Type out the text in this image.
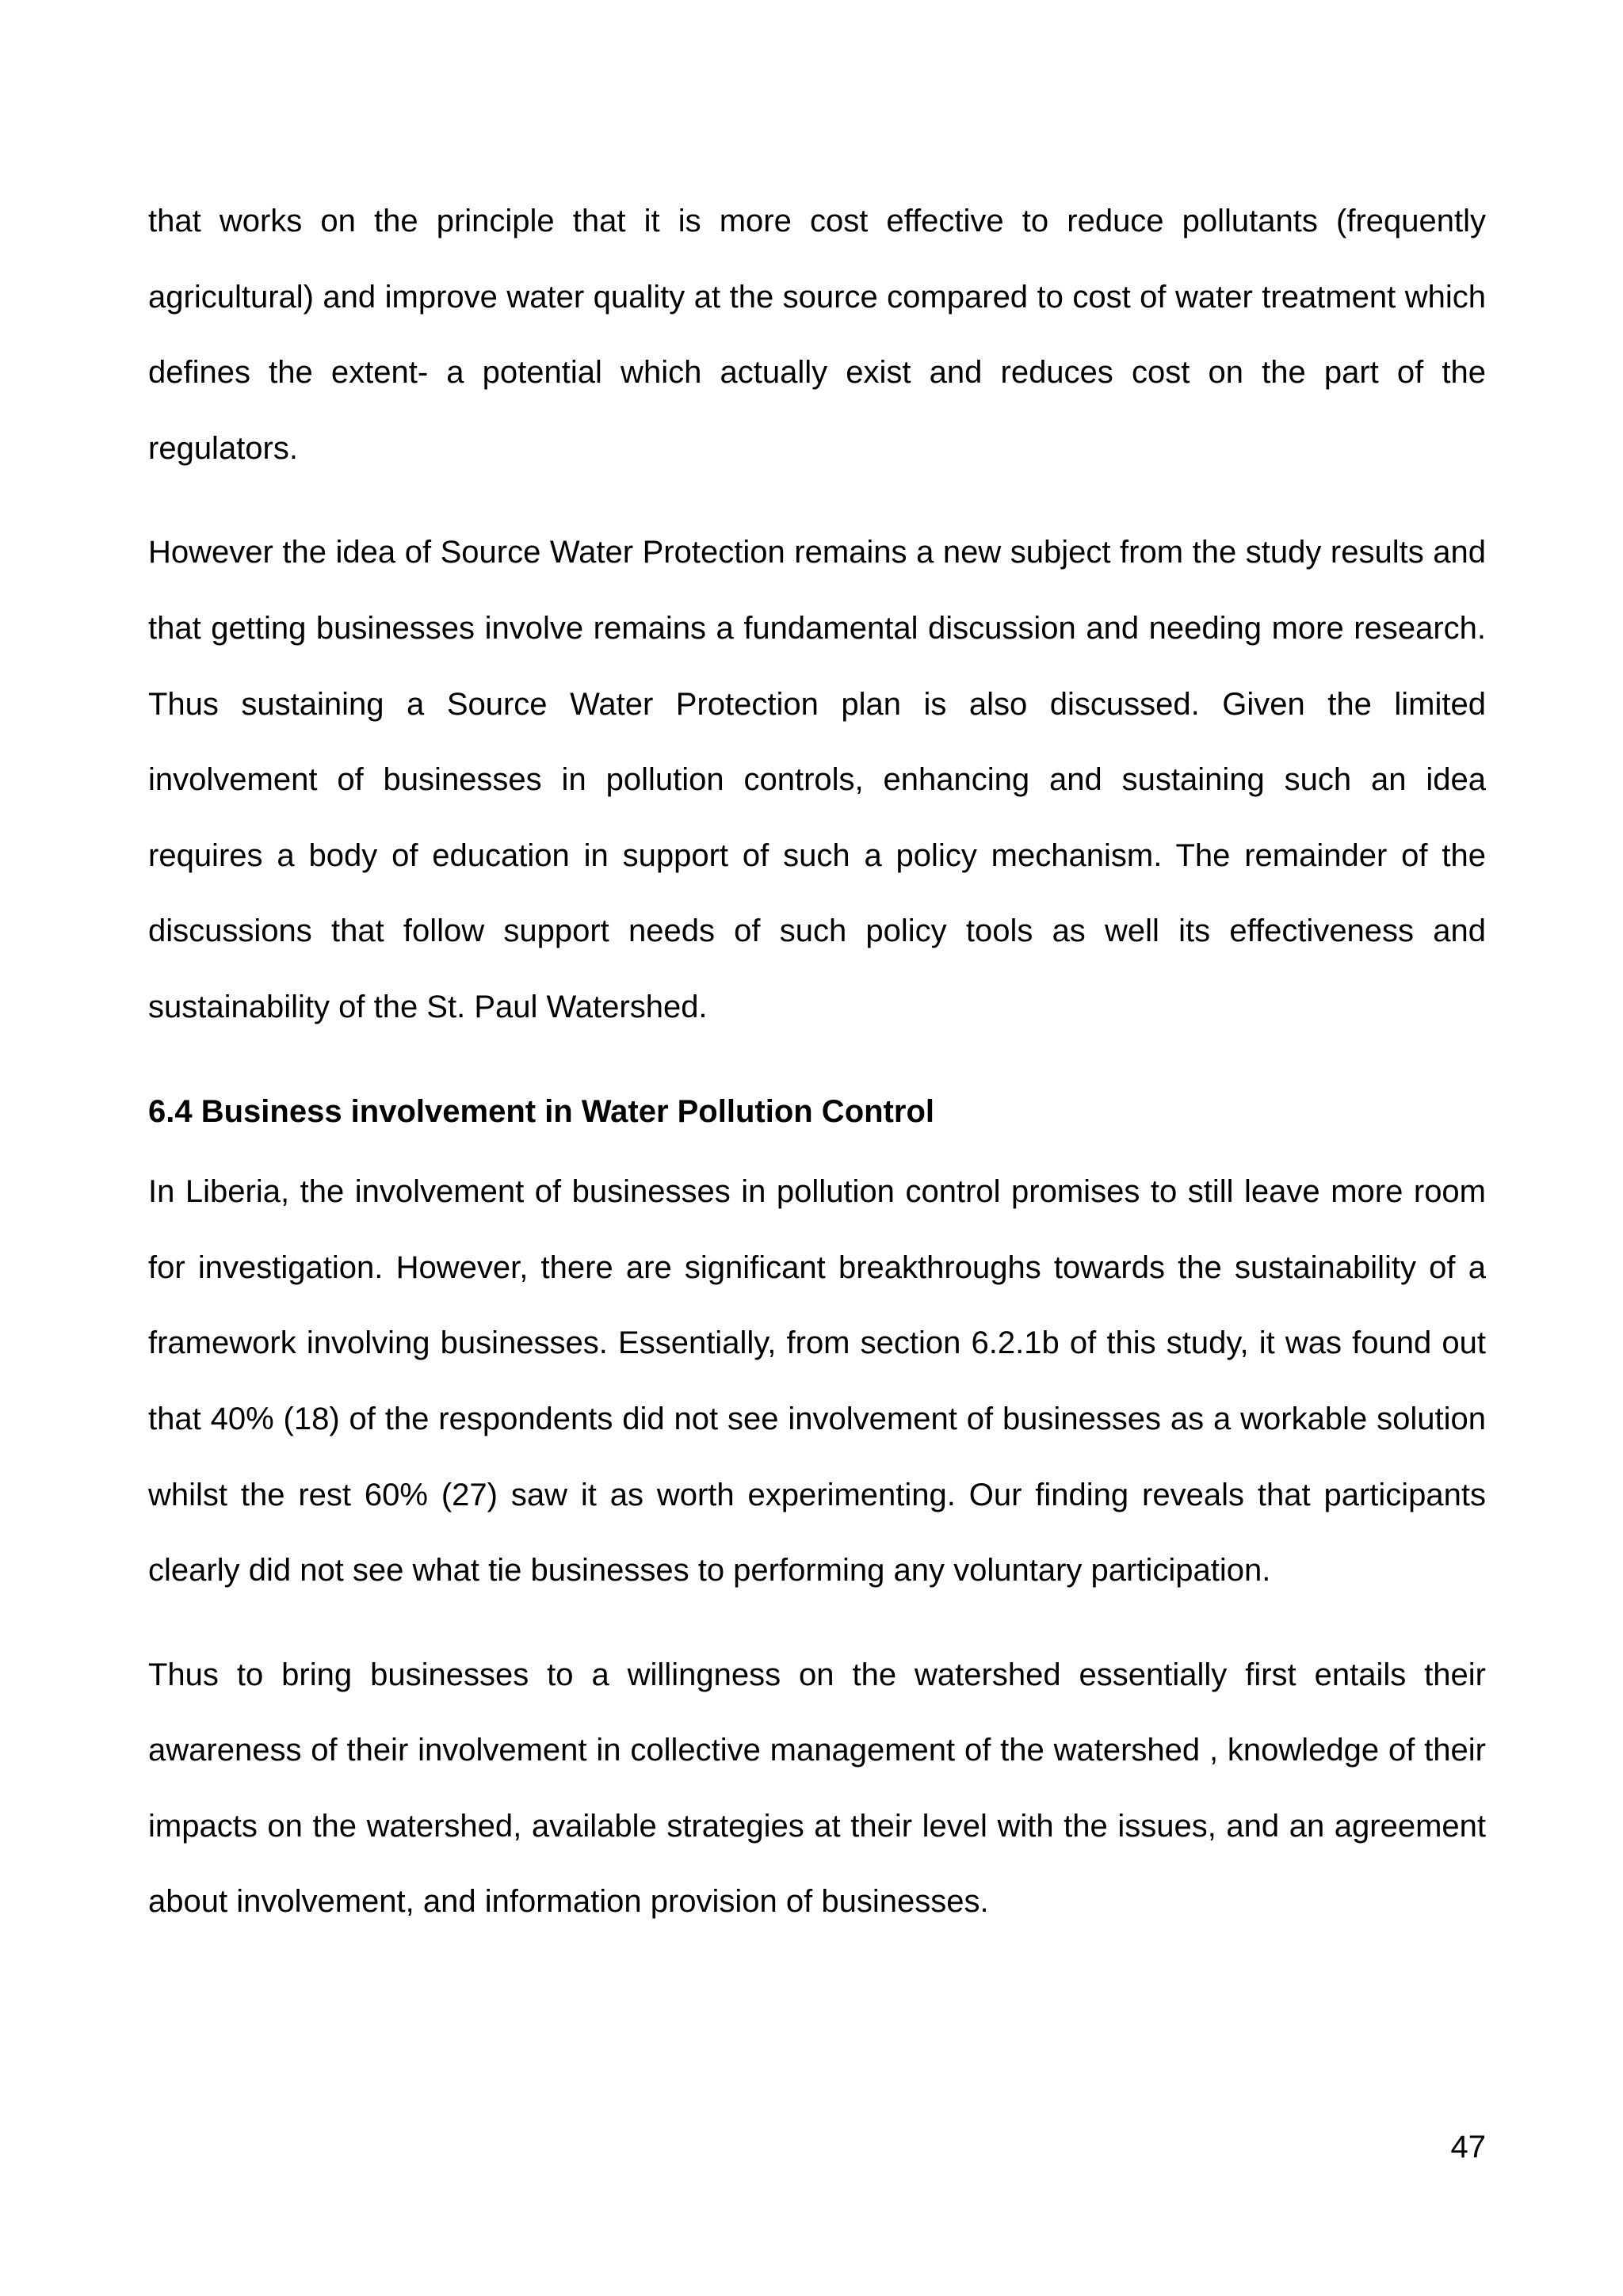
that works on the principle that it is more cost effective to reduce pollutants (frequently agricultural) and improve water quality at the source compared to cost of water treatment which defines the extent- a potential which actually exist and reduces cost on the part of the regulators.

However the idea of Source Water Protection remains a new subject from the study results and that getting businesses involve remains a fundamental discussion and needing more research. Thus sustaining a Source Water Protection plan is also discussed. Given the limited involvement of businesses in pollution controls, enhancing and sustaining such an idea requires a body of education in support of such a policy mechanism. The remainder of the discussions that follow support needs of such policy tools as well its effectiveness and sustainability of the St. Paul Watershed.

6.4 Business involvement in Water Pollution Control

In Liberia, the involvement of businesses in pollution control promises to still leave more room for investigation. However, there are significant breakthroughs towards the sustainability of a framework involving businesses. Essentially, from section 6.2.1b of this study, it was found out that 40% (18) of the respondents did not see involvement of businesses as a workable solution whilst the rest 60% (27) saw it as worth experimenting. Our finding reveals that participants clearly did not see what tie businesses to performing any voluntary participation.

Thus to bring businesses to a willingness on the watershed essentially first entails their awareness of their involvement in collective management of the watershed , knowledge of their impacts on the watershed, available strategies at their level with the issues, and an agreement about involvement, and information provision of businesses.

47
